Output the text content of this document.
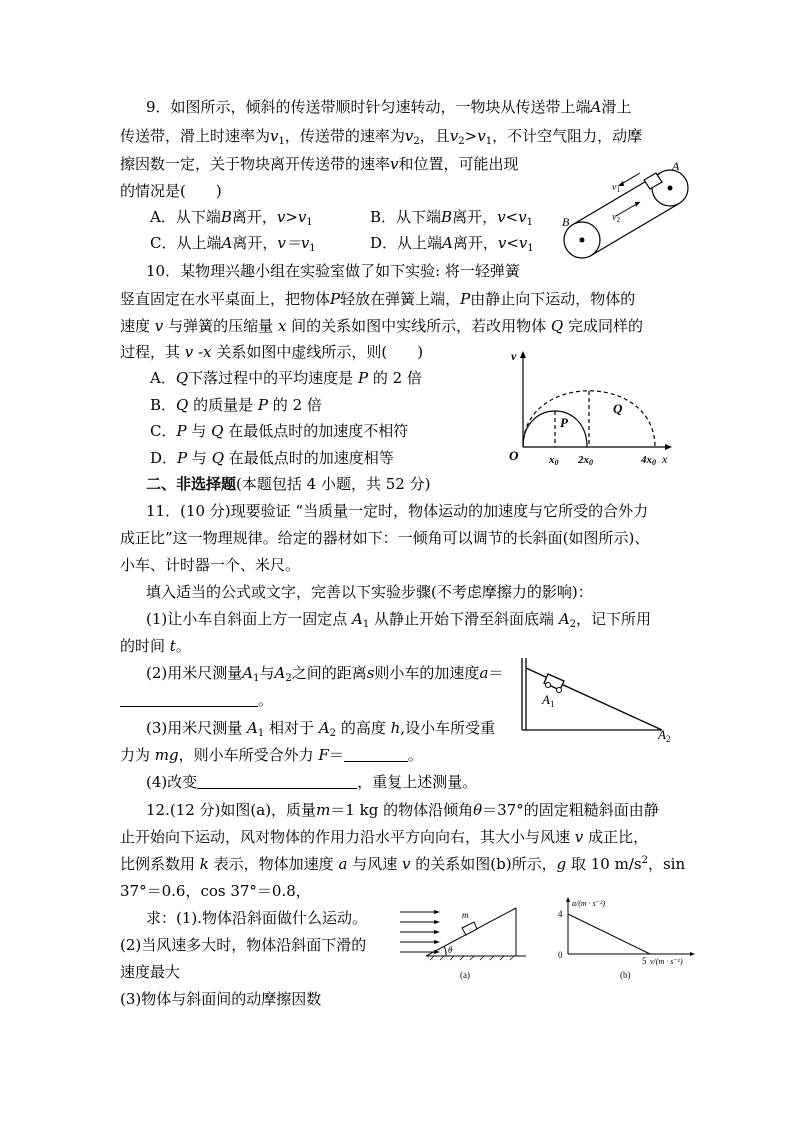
9．如图所示，倾斜的传送带顺时针匀速转动，一物块从传送带上端A滑上
传送带，滑上时速率为$v_1$，传送带的速率为$v_2$，且$v_2>v_1$，不计空气阻力，动摩
擦因数一定，关于物块离开传送带的速率v和位置，可能出现
的情况是(　　)
A．从下端B离开，$v>v_1$	B．从下端B离开，$v<v_1$
C．从上端A离开，$v=v_1$	D．从上端A离开，$v<v_1$
A
B
$v_1$
$v_2$
10．某物理兴趣小组在实验室做了如下实验: 将一轻弹簧
竖直固定在水平桌面上，把物体P轻放在弹簧上端，P由静止向下运动，物体的
速度 v 与弹簧的压缩量 x 间的关系如图中实线所示，若改用物体 Q 完成同样的
过程，其 v -x 关系如图中虚线所示，则(　　)
A．Q下落过程中的平均速度是 P 的 2 倍
B．Q 的质量是 P 的 2 倍
C．P 与 Q 在最低点时的加速度不相符
D．P 与 Q 在最低点时的加速度相等
v
x
O
P
Q
x0 2x0	4x0
二、非选择题(本题包括 4 小题，共 52 分)
11．(10 分)现要验证 “当质量一定时，物体运动的加速度与它所受的合外力
成正比”这一物理规律。给定的器材如下：一倾角可以调节的长斜面(如图所示)、
小车、计时器一个、米尺。
填入适当的公式或文字，完善以下实验步骤(不考虑摩擦力的影响)：
(1)让小车自斜面上方一固定点 $A_1$ 从静止开始下滑至斜面底端 $A_2$，记下所用
的时间 t。
(2)用米尺测量$A_1$与$A_2$之间的距离s则小车的加速度a＝
。
(3)用米尺测量 $A_1$ 相对于 $A_2$ 的高度 h,设小车所受重
力为 mg，则小车所受合外力 F＝	。
(4)改变	，重复上述测量。
$A_1$
$A_2$
12.(12 分)如图(a)，质量m＝1 kg 的物体沿倾角θ＝37°的固定粗糙斜面由静
止开始向下运动，风对物体的作用力沿水平方向向右，其大小与风速 v 成正比，
比例系数用 k 表示，物体加速度 a 与风速 v 的关系如图(b)所示，g 取 10 $m/s^2$，sin
37°＝0.6，cos 37°＝0.8，
求：(1).物体沿斜面做什么运动。
(2)当风速多大时，物体沿斜面下滑的
速度最大
(3)物体与斜面间的动摩擦因数
m
θ
(a)
a/(m · s⁻²)
4
0
5 v/(m · s⁻¹)
(b)
